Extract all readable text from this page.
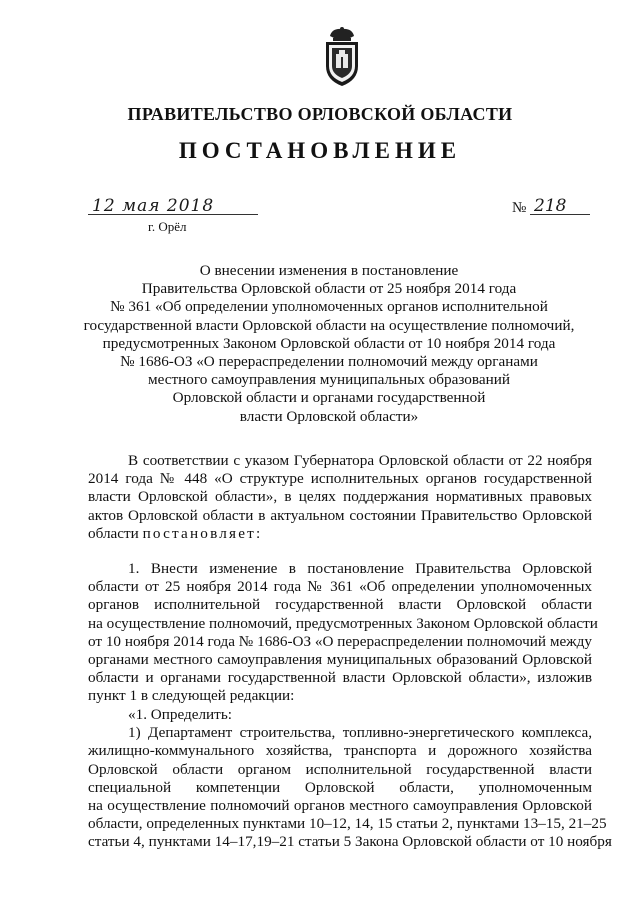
ПРАВИТЕЛЬСТВО ОРЛОВСКОЙ ОБЛАСТИ
ПОСТАНОВЛЕНИЕ
12 мая 2018	№ 218
г. Орёл
О внесении изменения в постановление
Правительства Орловской области от 25 ноября 2014 года
№ 361 «Об определении уполномоченных органов исполнительной
государственной власти Орловской области на осуществление полномочий,
предусмотренных Законом Орловской области от 10 ноября 2014 года
№ 1686-ОЗ «О перераспределении полномочий между органами
местного самоуправления муниципальных образований
Орловской области и органами государственной
власти Орловской области»
В соответствии с указом Губернатора Орловской области от 22 ноября
2014 года № 448 «О структуре исполнительных органов государственной
власти Орловской области», в целях поддержания нормативных правовых
актов Орловской области в актуальном состоянии Правительство Орловской
области постановляет:
1. Внести изменение в постановление Правительства Орловской
области от 25 ноября 2014 года № 361 «Об определении уполномоченных
органов исполнительной государственной власти Орловской области
на осуществление полномочий, предусмотренных Законом Орловской области
от 10 ноября 2014 года № 1686-ОЗ «О перераспределении полномочий между
органами местного самоуправления муниципальных образований Орловской
области и органами государственной власти Орловской области», изложив
пункт 1 в следующей редакции:
«1. Определить:
1) Департамент строительства, топливно-энергетического комплекса,
жилищно-коммунального хозяйства, транспорта и дорожного хозяйства
Орловской области органом исполнительной государственной власти
специальной компетенции Орловской области, уполномоченным
на осуществление полномочий органов местного самоуправления Орловской
области, определенных пунктами 10–12, 14, 15 статьи 2, пунктами 13–15, 21–25
статьи 4, пунктами 14–17,19–21 статьи 5 Закона Орловской области от 10 ноября
